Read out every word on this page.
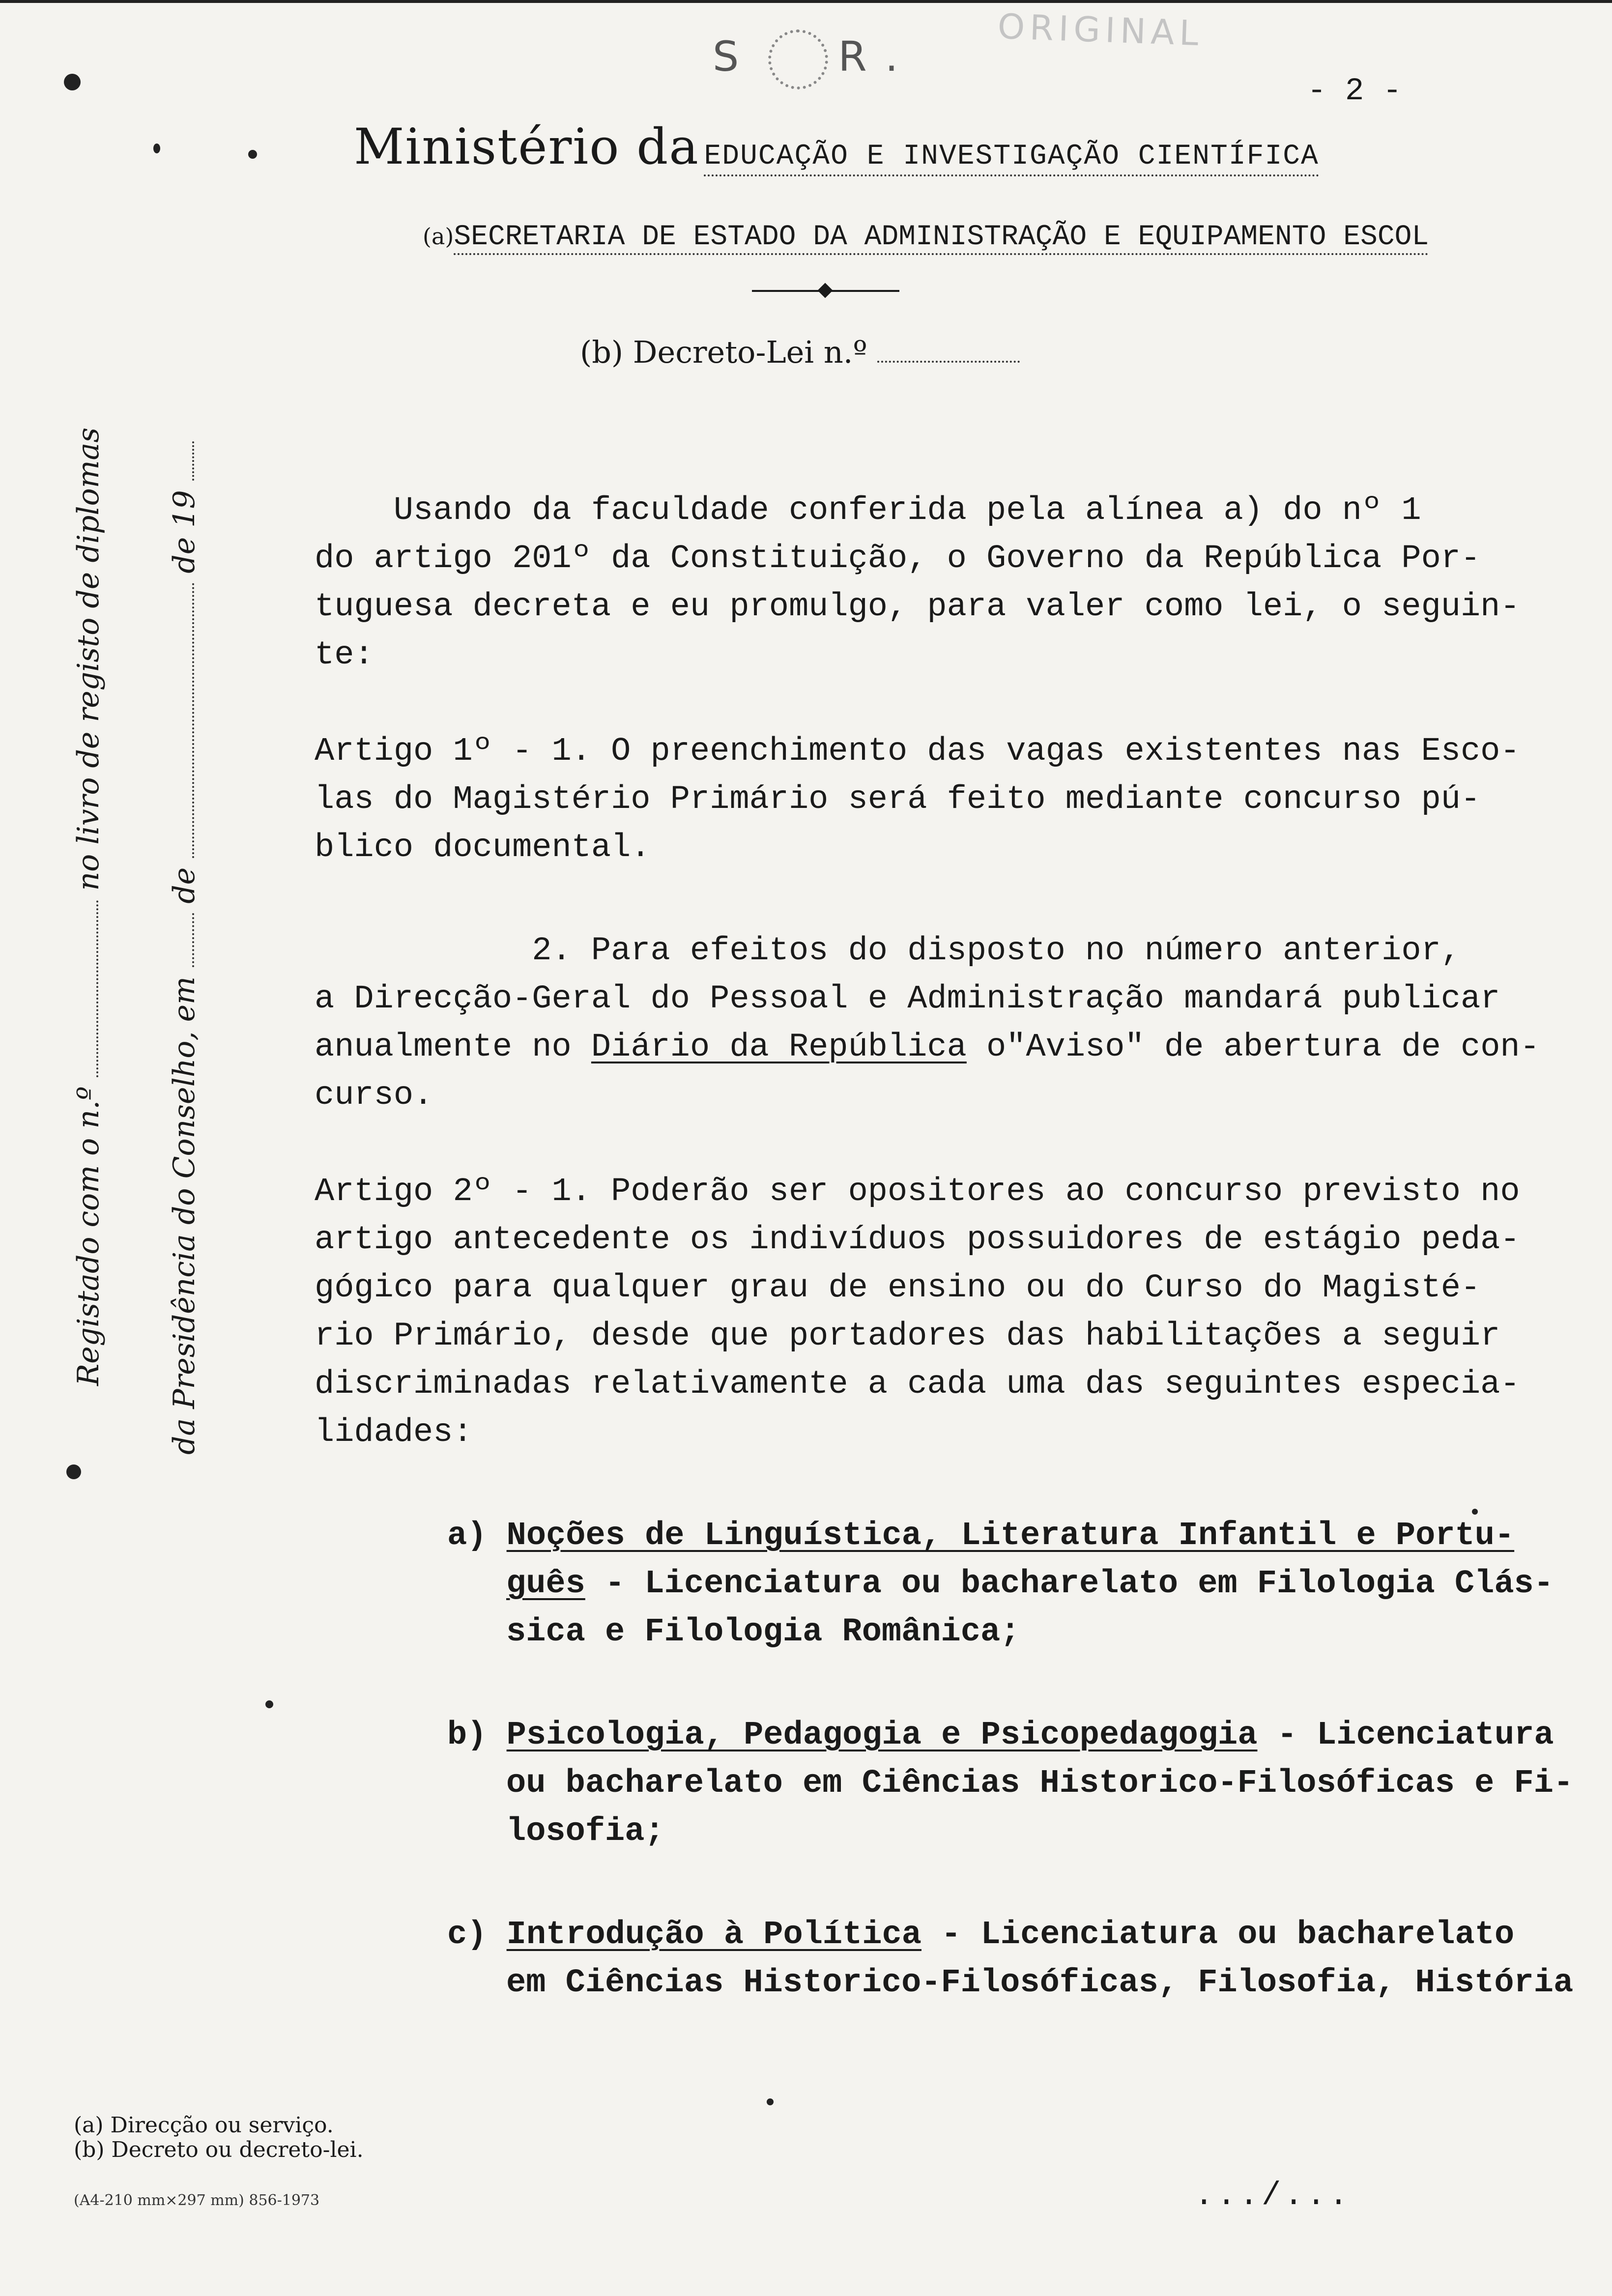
S R.
ORIGINAL
- 2 -
Ministério da EDUCAÇÃO E INVESTIGAÇÃO CIENTÍFICA
(a)SECRETARIA DE ESTADO DA ADMINISTRAÇÃO E EQUIPAMENTO ESCOL
(b) Decreto-Lei n.º

Usando da faculdade conferida pela alínea a) do nº 1

do artigo 201º da Constituição, o Governo da República Por-

tuguesa decreta e eu promulgo, para valer como lei, o seguin-

te:

Artigo 1º - 1. O preenchimento das vagas existentes nas Esco-

las do Magistério Primário será feito mediante concurso pú-

blico documental.

2. Para efeitos do disposto no número anterior,

a Direcção-Geral do Pessoal e Administração mandará publicar

anualmente no Diário da República o"Aviso" de abertura de con-

curso.

Artigo 2º - 1. Poderão ser opositores ao concurso previsto no

artigo antecedente os indivíduos possuidores de estágio peda-

gógico para qualquer grau de ensino ou do Curso do Magisté-

rio Primário, desde que portadores das habilitações a seguir

discriminadas relativamente a cada uma das seguintes especia-

lidades:

a) Noções de Linguística, Literatura Infantil e Portu-

guês - Licenciatura ou bacharelato em Filologia Clás-

sica e Filologia Românica;

b) Psicologia, Pedagogia e Psicopedagogia - Licenciatura

ou bacharelato em Ciências Historico-Filosóficas e Fi-

losofia;

c) Introdução à Política - Licenciatura ou bacharelato

em Ciências Historico-Filosóficas, Filosofia, História

Registado com o n.º  no livro de registo de diplomas
da Presidência do Conselho, em  de  de 19
(a) Direcção ou serviço.
(b) Decreto ou decreto-lei.
(A4-210 mm×297 mm) 856-1973	.../...
